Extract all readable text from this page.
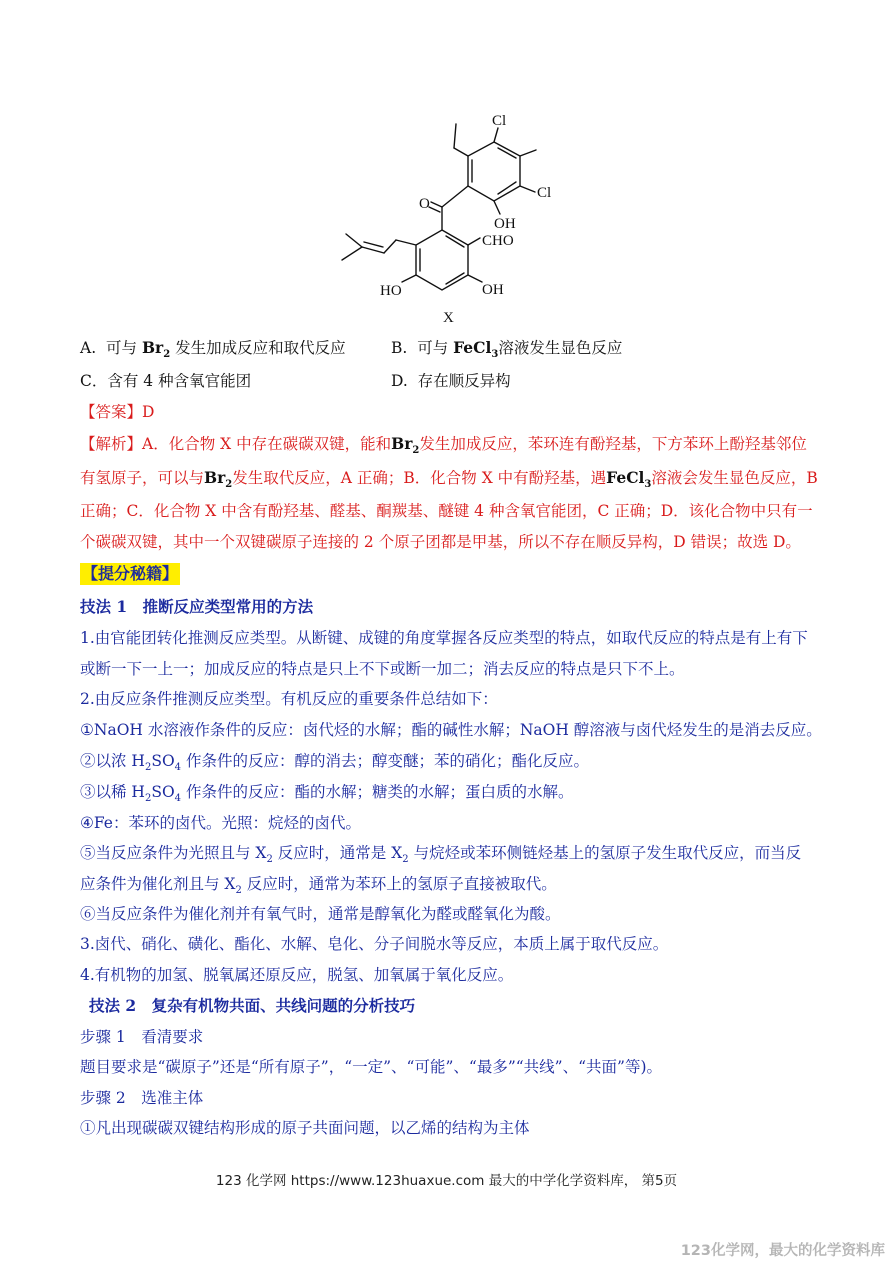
Cl
Cl
OH
O
CHO
HO	OH
X
A. 可与 $Br_2$ 发生加成反应和取代反应	B. 可与 FeCl$_3$溶液发生显色反应
C．含有 4 种含氧官能团	D. 存在顺反异构
【答案】D
【解析】A．化合物 X 中存在碳碳双键，能和$Br_2$发生加成反应，苯环连有酚羟基，下方苯环上酚羟基邻位
有氢原子，可以与$Br_2$发生取代反应，A 正确；B．化合物 X 中有酚羟基，遇FeCl$_3$溶液会发生显色反应，B
正确；C．化合物 X 中含有酚羟基、醛基、酮羰基、醚键 4 种含氧官能团，C 正确；D．该化合物中只有一
个碳碳双键，其中一个双键碳原子连接的 2 个原子团都是甲基，所以不存在顺反异构，D 错误；故选 D。
【提分秘籍】
技法 1　推断反应类型常用的方法
1.由官能团转化推测反应类型。从断键、成键的角度掌握各反应类型的特点，如取代反应的特点是有上有下
或断一下一上一；加成反应的特点是只上不下或断一加二；消去反应的特点是只下不上。
2.由反应条件推测反应类型。有机反应的重要条件总结如下：
①NaOH 水溶液作条件的反应：卤代烃的水解；酯的碱性水解；NaOH 醇溶液与卤代烃发生的是消去反应。
②以浓 $H_2SO_4$ 作条件的反应：醇的消去；醇变醚；苯的硝化；酯化反应。
③以稀 $H_2SO_4$ 作条件的反应：酯的水解；糖类的水解；蛋白质的水解。
④Fe：苯环的卤代。光照：烷烃的卤代。
⑤当反应条件为光照且与 $X_2$ 反应时，通常是 $X_2$ 与烷烃或苯环侧链烃基上的氢原子发生取代反应，而当反
应条件为催化剂且与 $X_2$ 反应时，通常为苯环上的氢原子直接被取代。
⑥当反应条件为催化剂并有氧气时，通常是醇氧化为醛或醛氧化为酸。
3.卤代、硝化、磺化、酯化、水解、皂化、分子间脱水等反应，本质上属于取代反应。
4.有机物的加氢、脱氧属还原反应，脱氢、加氧属于氧化反应。
技法 2　复杂有机物共面、共线问题的分析技巧
步骤 1　看清要求
题目要求是“碳原子”还是“所有原子”，“一定”、“可能”、“最多”“共线”、“共面”等)。
步骤 2　选准主体
①凡出现碳碳双键结构形成的原子共面问题，以乙烯的结构为主体
123 化学网 https://www.123huaxue.com 最大的中学化学资料库， 第5页
123化学网，最大的化学资料库
